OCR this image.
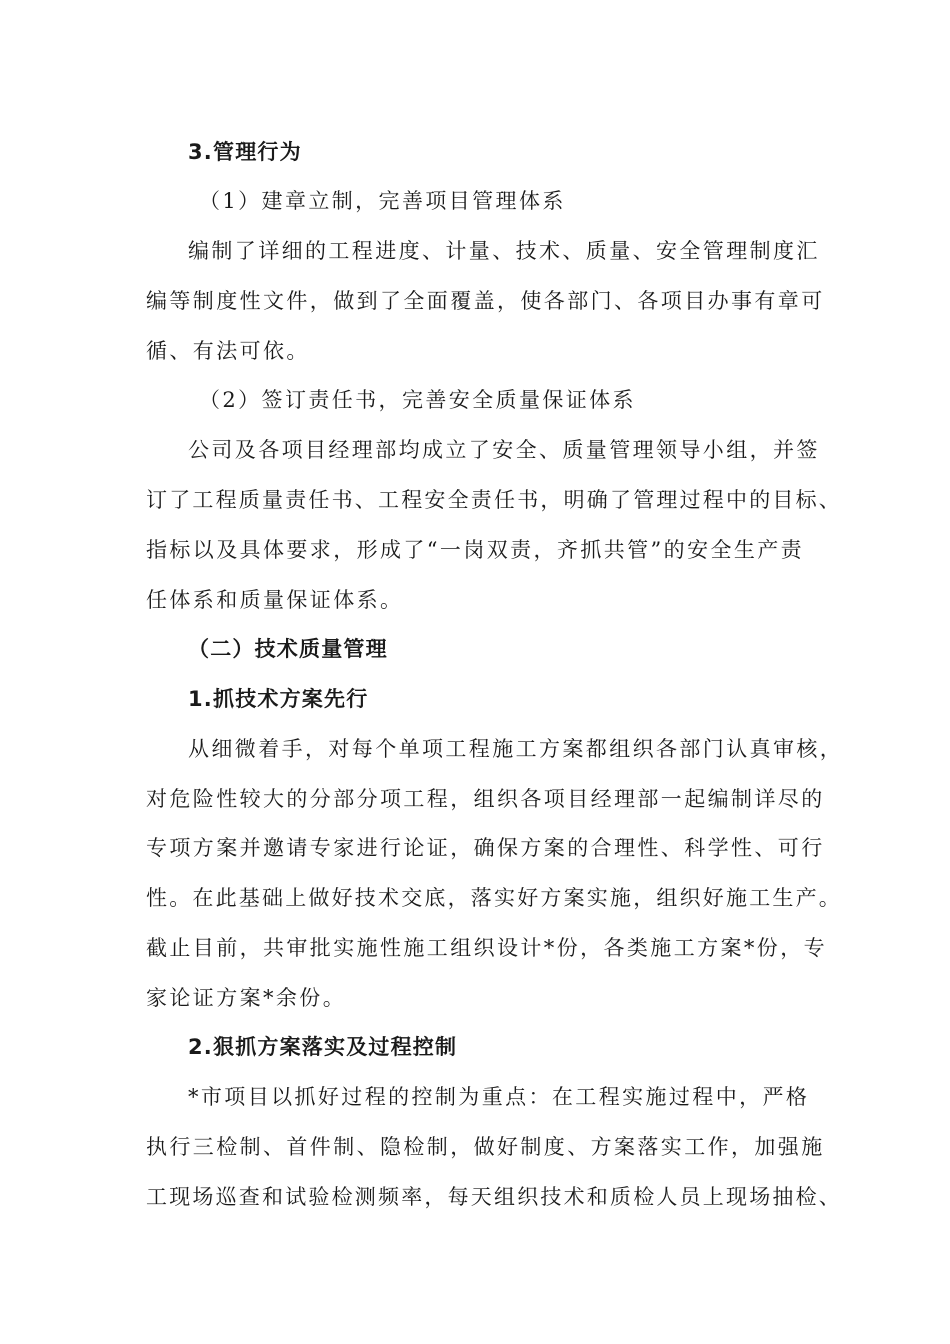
3.管理行为
（1）建章立制，完善项目管理体系
编制了详细的工程进度、计量、技术、质量、安全管理制度汇
编等制度性文件，做到了全面覆盖，使各部门、各项目办事有章可
循、有法可依。
（2）签订责任书，完善安全质量保证体系
公司及各项目经理部均成立了安全、质量管理领导小组，并签
订了工程质量责任书、工程安全责任书，明确了管理过程中的目标、
指标以及具体要求，形成了“一岗双责，齐抓共管”的安全生产责
任体系和质量保证体系。
（二）技术质量管理
1.抓技术方案先行
从细微着手，对每个单项工程施工方案都组织各部门认真审核，
对危险性较大的分部分项工程，组织各项目经理部一起编制详尽的
专项方案并邀请专家进行论证，确保方案的合理性、科学性、可行
性。在此基础上做好技术交底，落实好方案实施，组织好施工生产。
截止目前，共审批实施性施工组织设计*份，各类施工方案*份，专
家论证方案*余份。
2.狠抓方案落实及过程控制
*市项目以抓好过程的控制为重点：在工程实施过程中，严格
执行三检制、首件制、隐检制，做好制度、方案落实工作，加强施
工现场巡查和试验检测频率，每天组织技术和质检人员上现场抽检、
